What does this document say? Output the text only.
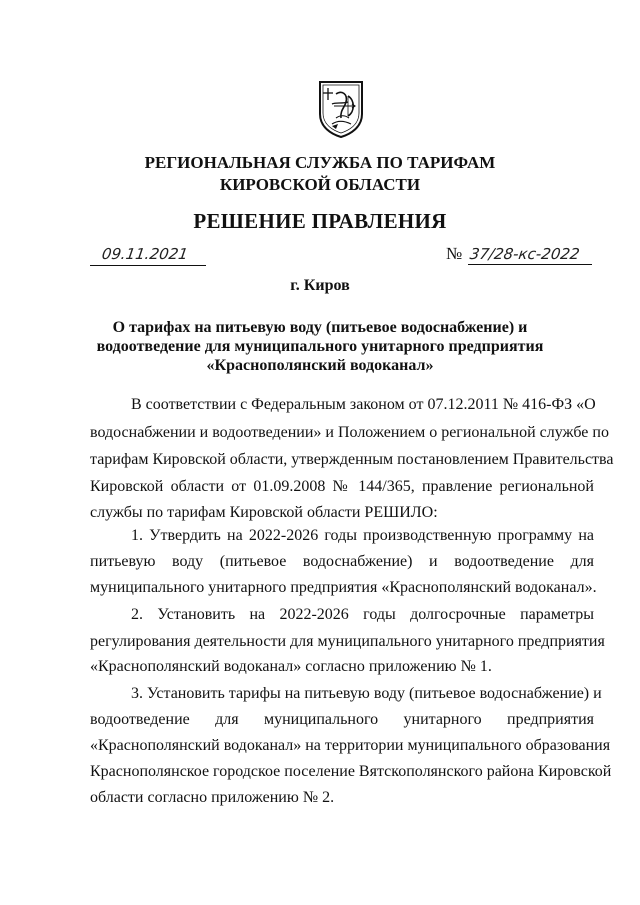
РЕГИОНАЛЬНАЯ СЛУЖБА ПО ТАРИФАМ
КИРОВСКОЙ ОБЛАСТИ
РЕШЕНИЕ ПРАВЛЕНИЯ
09.11.2021	№ 37/28-кс-2022
г. Киров
О тарифах на питьевую воду (питьевое водоснабжение) и
водоотведение для муниципального унитарного предприятия
«Краснополянский водоканал»
В соответствии с Федеральным законом от 07.12.2011 № 416-ФЗ «О
водоснабжении и водоотведении» и Положением о региональной службе по
тарифам Кировской области, утвержденным постановлением Правительства
Кировской области от 01.09.2008 № 144/365, правление региональной
службы по тарифам Кировской области РЕШИЛО:
1. Утвердить на 2022-2026 годы производственную программу на
питьевую воду (питьевое водоснабжение) и водоотведение для
муниципального унитарного предприятия «Краснополянский водоканал».
2. Установить на 2022-2026 годы долгосрочные параметры
регулирования деятельности для муниципального унитарного предприятия
«Краснополянский водоканал» согласно приложению № 1.
3. Установить тарифы на питьевую воду (питьевое водоснабжение) и
водоотведение для муниципального унитарного предприятия
«Краснополянский водоканал» на территории муниципального образования
Краснополянское городское поселение Вятскополянского района Кировской
области согласно приложению № 2.
